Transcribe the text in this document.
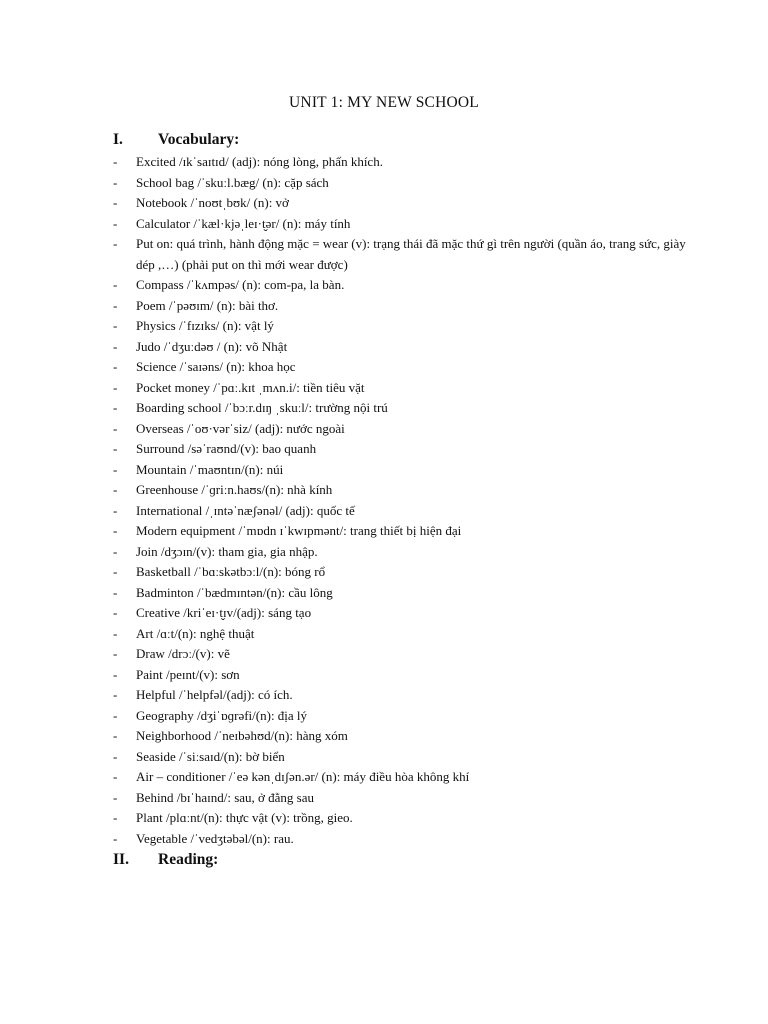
UNIT 1: MY NEW SCHOOL
I. Vocabulary:
- Excited /ɪkˈsaɪtɪd/ (adj): nóng lòng, phấn khích.
- School bag /ˈskuːl.bæg/ (n): cặp sách
- Notebook /ˈnoʊtˌbʊk/ (n): vở
- Calculator /ˈkæl·kjəˌleɪ·t̬ər/ (n): máy tính
- Put on: quá trình, hành động mặc = wear (v): trạng thái đã mặc thứ gì trên người (quần áo, trang sức, giày dép ,…) (phải put on thì mới wear được)
- Compass /ˈkʌmpəs/ (n): com-pa, la bàn.
- Poem /ˈpəʊɪm/ (n): bài thơ.
- Physics /ˈfɪzɪks/ (n): vật lý
- Judo /ˈdʒuːdəʊ / (n): võ Nhật
- Science /ˈsaɪəns/ (n): khoa học
- Pocket money /ˈpɑː.kɪt ˌmʌn.i/: tiền tiêu vặt
- Boarding school /ˈbɔːr.dɪŋ ˌskuːl/: trường nội trú
- Overseas /ˈoʊ·vərˈsiz/ (adj): nước ngoài
- Surround /səˈraʊnd/(v): bao quanh
- Mountain /ˈmaʊntɪn/(n): núi
- Greenhouse /ˈɡriːn.haʊs/(n): nhà kính
- International /ˌɪntəˈnæʃənəl/ (adj): quốc tế
- Modern equipment /ˈmɒdn ɪˈkwɪpmənt/: trang thiết bị hiện đại
- Join /dʒɔɪn/(v): tham gia, gia nhập.
- Basketball /ˈbɑːskətbɔːl/(n): bóng rổ
- Badminton /ˈbædmɪntən/(n): cầu lông
- Creative /kriˈeɪ·t̬ɪv/(adj): sáng tạo
- Art /ɑːt/(n): nghệ thuật
- Draw /drɔː/(v): vẽ
- Paint /peɪnt/(v): sơn
- Helpful /ˈhelpfəl/(adj): có ích.
- Geography /dʒiˈɒɡrəfi/(n): địa lý
- Neighborhood /ˈneɪbəhʊd/(n): hàng xóm
- Seaside /ˈsiːsaɪd/(n): bờ biển
- Air – conditioner /ˈeə kənˌdɪʃən.ər/ (n): máy điều hòa không khí
- Behind /bɪˈhaɪnd/: sau, ở đằng sau
- Plant /plɑːnt/(n): thực vật (v): trồng, gieo.
- Vegetable /ˈvedʒtəbəl/(n): rau.
II. Reading:
